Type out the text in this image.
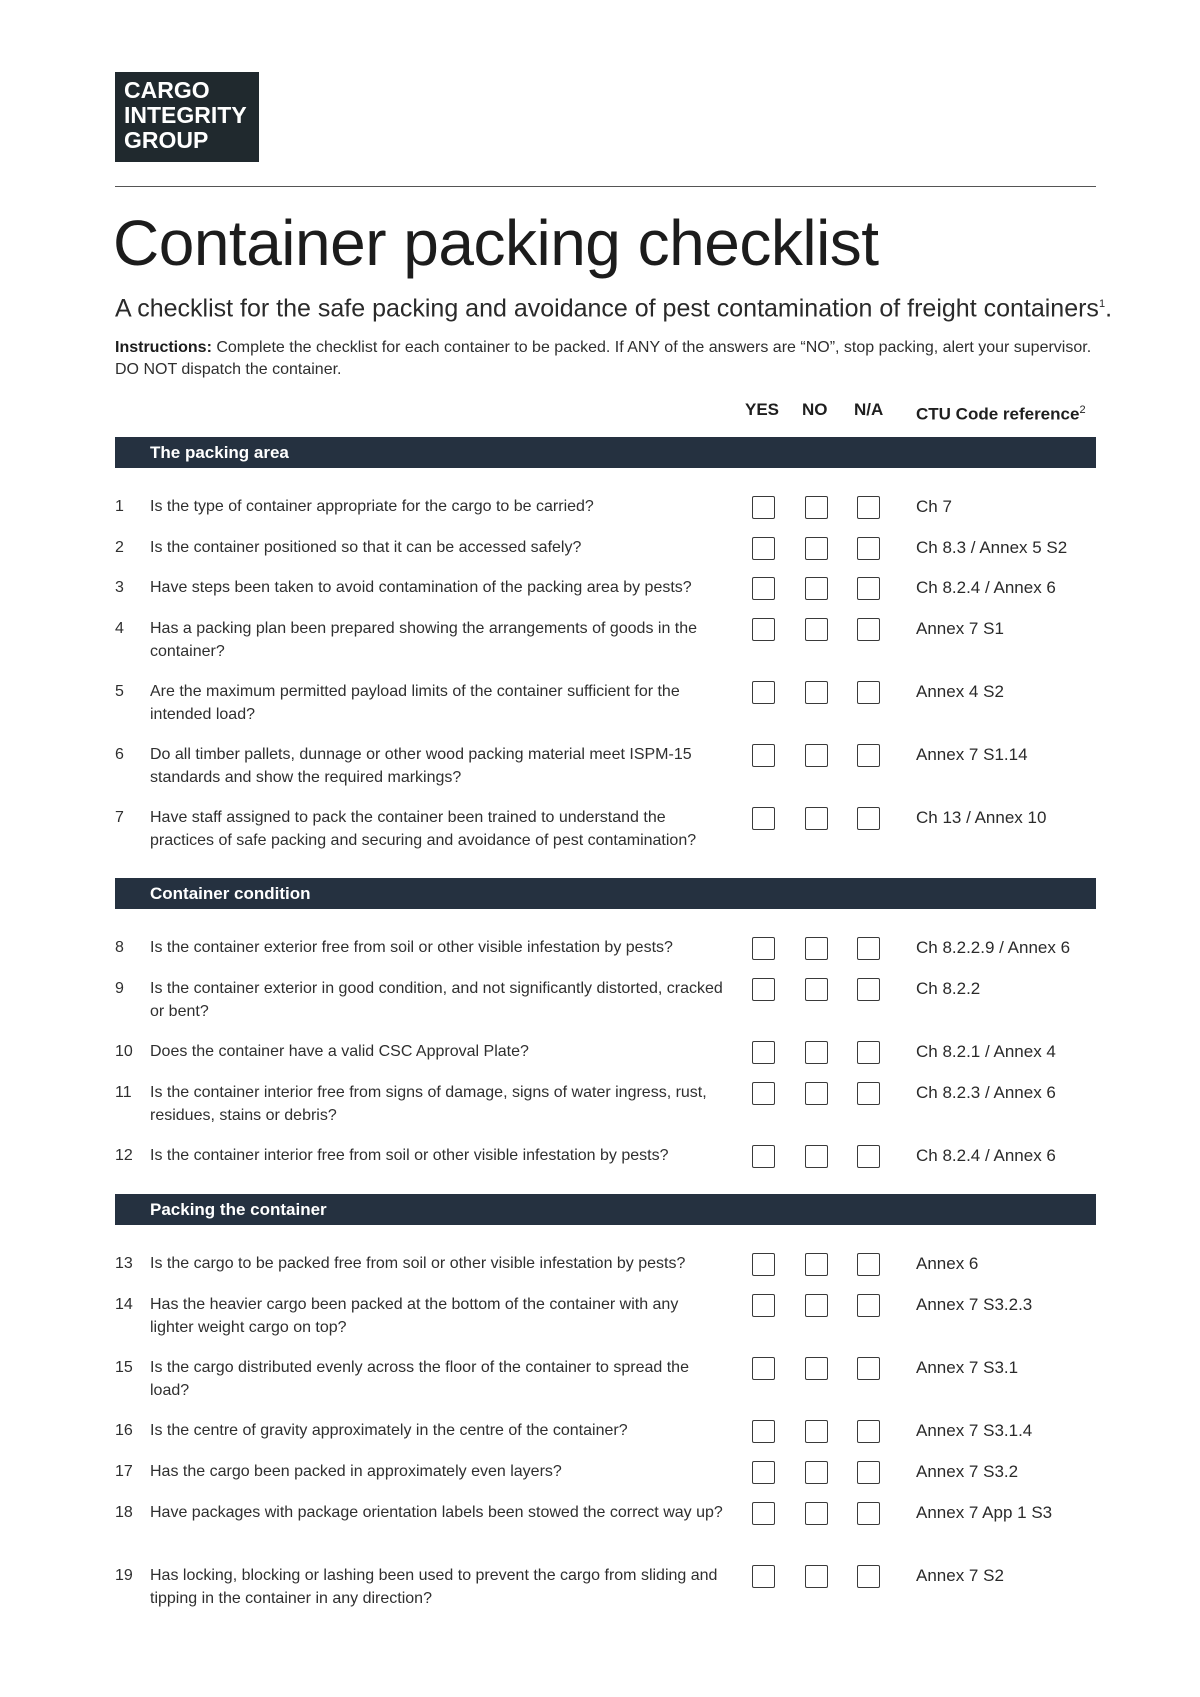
CARGO
INTEGRITY
GROUP
Container packing checklist
A checklist for the safe packing and avoidance of pest contamination of freight containers$^1$.
Instructions: Complete the checklist for each container to be packed. If ANY of the answers are “NO”, stop packing, alert your supervisor. DO NOT dispatch the container.
YES NO N/A CTU Code reference$^2$
The packing area
1 Is the type of container appropriate for the cargo to be carried?	Ch 7
2 Is the container positioned so that it can be accessed safely?	Ch 8.3 / Annex 5 S2
3 Have steps been taken to avoid contamination of the packing area by pests?	Ch 8.2.4 / Annex 6
4 Has a packing plan been prepared showing the arrangements of goods in the container?
Annex 7 S1
5 Are the maximum permitted payload limits of the container sufficient for the intended load?
Annex 4 S2
6 Do all timber pallets, dunnage or other wood packing material meet ISPM-15 standards and show the required markings?
Annex 7 S1.14
7 Have staff assigned to pack the container been trained to understand the practices of safe packing and securing and avoidance of pest contamination?
Ch 13 / Annex 10
Container condition
8 Is the container exterior free from soil or other visible infestation by pests?	Ch 8.2.2.9 / Annex 6
9 Is the container exterior in good condition, and not significantly distorted, cracked or bent?
Ch 8.2.2
10 Does the container have a valid CSC Approval Plate?	Ch 8.2.1 / Annex 4
11 Is the container interior free from signs of damage, signs of water ingress, rust, residues, stains or debris?
Ch 8.2.3 / Annex 6
12 Is the container interior free from soil or other visible infestation by pests?	Ch 8.2.4 / Annex 6
Packing the container
13 Is the cargo to be packed free from soil or other visible infestation by pests?	Annex 6
14 Has the heavier cargo been packed at the bottom of the container with any lighter weight cargo on top?
Annex 7 S3.2.3
15 Is the cargo distributed evenly across the floor of the container to spread the load?
Annex 7 S3.1
16 Is the centre of gravity approximately in the centre of the container?	Annex 7 S3.1.4
17 Has the cargo been packed in approximately even layers?	Annex 7 S3.2
18 Have packages with package orientation labels been stowed the correct way up?	Annex 7 App 1 S3
19 Has locking, blocking or lashing been used to prevent the cargo from sliding and tipping in the container in any direction?
Annex 7 S2
